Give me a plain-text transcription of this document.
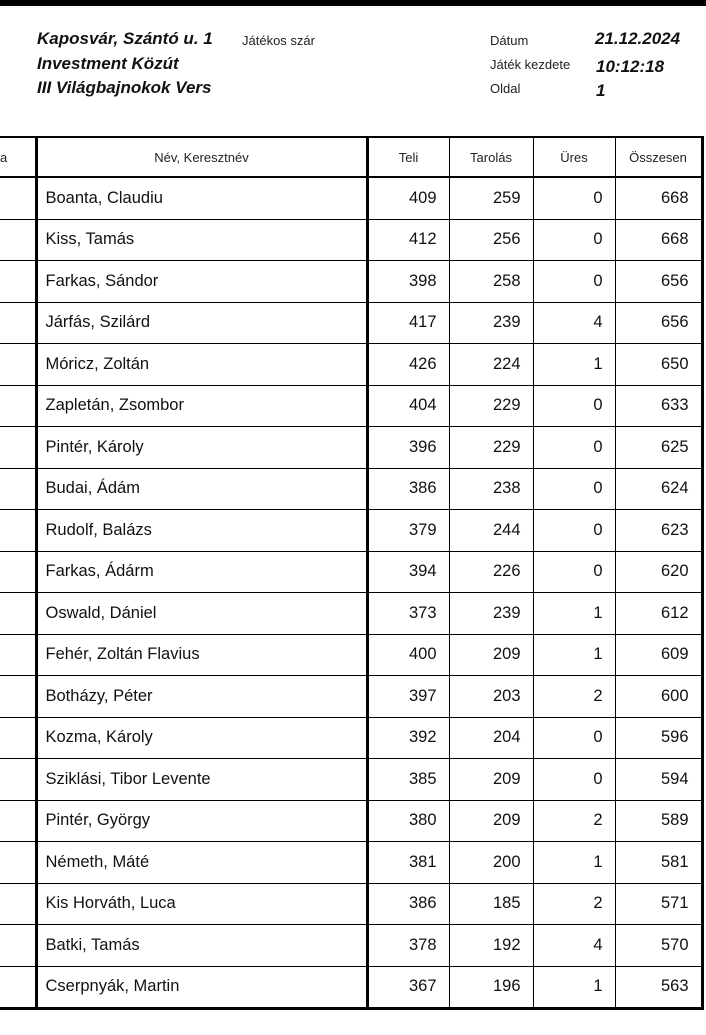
Kaposvár, Szántó u. 1 Játékos szár
Investment Közút
III Világbajnokok Vers
Dátum	21.12.2024
Játék kezdete 10:12:18
Oldal	1
a	Név, Keresztnév	Teli	Tarolás	Üres	Összesen
	Boanta, Claudiu	409	259	0	668
	Kiss, Tamás	412	256	0	668
	Farkas, Sándor	398	258	0	656
	Járfás, Szilárd	417	239	4	656
	Móricz, Zoltán	426	224	1	650
	Zapletán, Zsombor	404	229	0	633
	Pintér, Károly	396	229	0	625
	Budai, Ádám	386	238	0	624
	Rudolf, Balázs	379	244	0	623
	Farkas, Ádárm	394	226	0	620
	Oswald, Dániel	373	239	1	612
	Fehér, Zoltán Flavius	400	209	1	609
	Botházy, Péter	397	203	2	600
	Kozma, Károly	392	204	0	596
	Sziklási, Tibor Levente	385	209	0	594
	Pintér, György	380	209	2	589
	Németh, Máté	381	200	1	581
	Kis Horváth, Luca	386	185	2	571
	Batki, Tamás	378	192	4	570
	Cserpnyák, Martin	367	196	1	563
